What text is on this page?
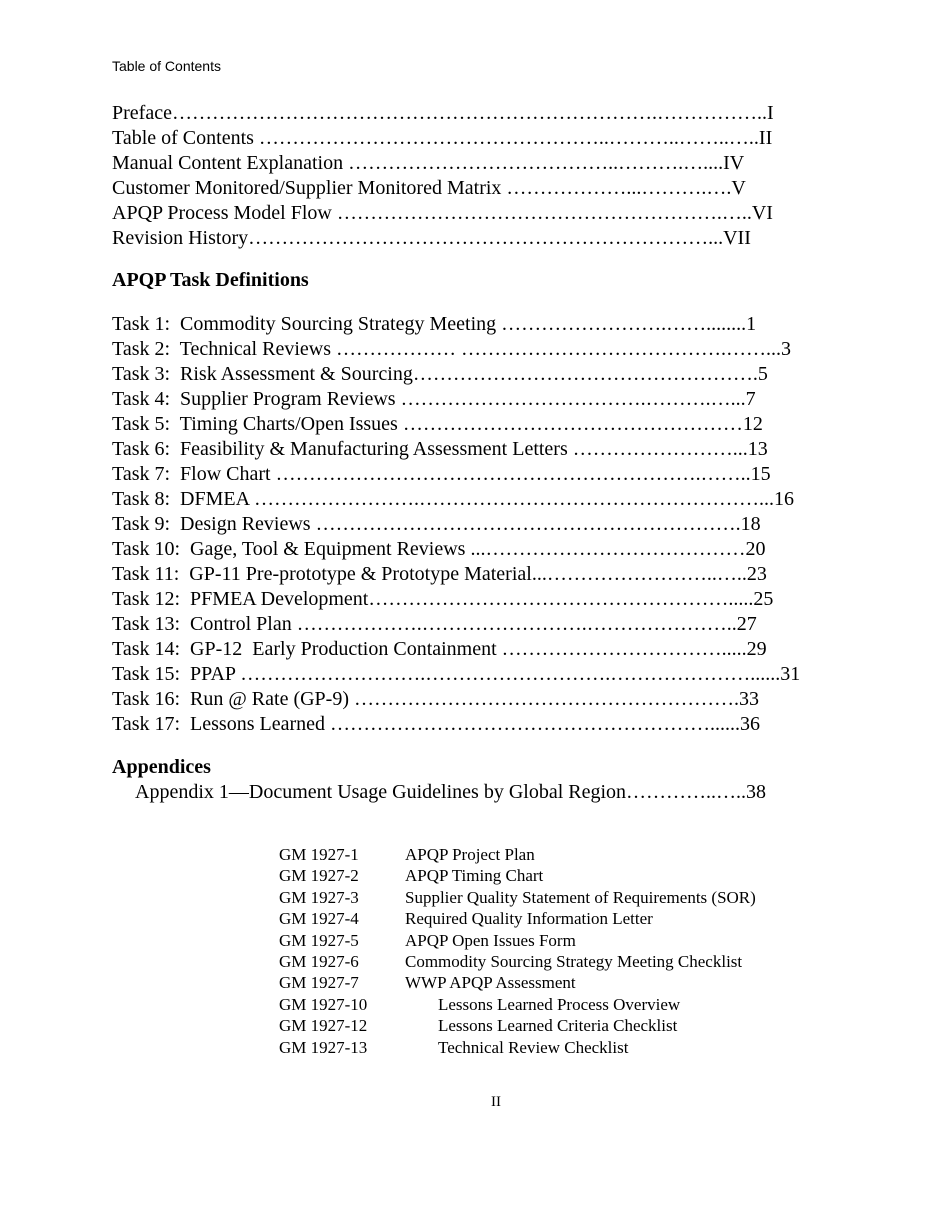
Table of Contents
Preface……………………………………………………………….……………..I
Table of Contents ……………………………………………..………..……..…..II
Manual Content Explanation …………………………………..……….…....IV
Customer Monitored/Supplier Monitored Matrix ………………...……….….V
APQP Process Model Flow ………………………………………………….…..VI
Revision History……………………………………………………………...VII
APQP Task Definitions
Task 1:  Commodity Sourcing Strategy Meeting …………………….……........1
Task 2:  Technical Reviews ……………… ………………………………….……...3
Task 3:  Risk Assessment & Sourcing…………………………………………….5
Task 4:  Supplier Program Reviews ……………………………….……….…...7
Task 5:  Timing Charts/Open Issues ……………………………………………12
Task 6:  Feasibility & Manufacturing Assessment Letters ……………………...13
Task 7:  Flow Chart ……………………………………………………….……..15
Task 8:  DFMEA …………………….……………………………………………...16
Task 9:  Design Reviews ……………………………………………………….18
Task 10:  Gage, Tool & Equipment Reviews ...…………………………………20
Task 11:  GP-11 Pre-prototype & Prototype Material...……………………..…..23
Task 12:  PFMEA Development……………………………………………….....25
Task 13:  Control Plan ……………….…………………….…………………..27
Task 14:  GP-12  Early Production Containment …………………………….....29
Task 15:  PPAP ……………………….……………………….…………………......31
Task 16:  Run @ Rate (GP-9) ………………………………………………….33
Task 17:  Lessons Learned …………………………………………………......36
Appendices
Appendix 1—Document Usage Guidelines by Global Region…………..…..38
GM 1927-1	APQP Project Plan
GM 1927-2	APQP Timing Chart
GM 1927-3	Supplier Quality Statement of Requirements (SOR)
GM 1927-4	Required Quality Information Letter
GM 1927-5	APQP Open Issues Form
GM 1927-6	Commodity Sourcing Strategy Meeting Checklist
GM 1927-7	WWP APQP Assessment
GM 1927-10	Lessons Learned Process Overview
GM 1927-12	Lessons Learned Criteria Checklist
GM 1927-13	Technical Review Checklist
II
